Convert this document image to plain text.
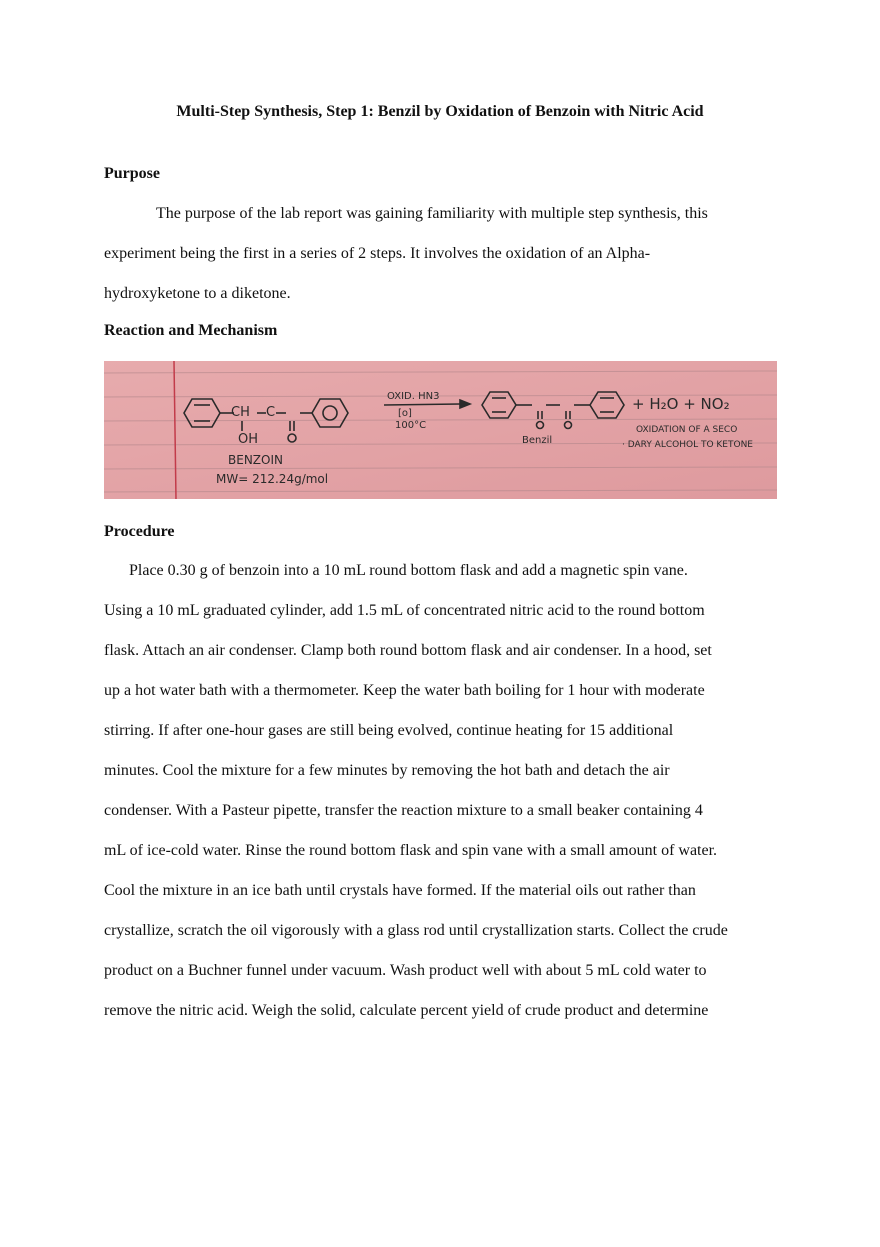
Multi-Step Synthesis, Step 1: Benzil by Oxidation of Benzoin with Nitric Acid
Purpose
The purpose of the lab report was gaining familiarity with multiple step synthesis, this
experiment being the first in a series of 2 steps. It involves the oxidation of an Alpha-
hydroxyketone to a diketone.
Reaction and Mechanism
CH C
OH
OXID. HN3
[o]
100°C
BENZOIN
MW= 212.24g/mol
Benzil
+ H₂O + NO₂
OXIDATION OF A SECO
· DARY ALCOHOL TO KETONE
Procedure
Place 0.30 g of benzoin into a 10 mL round bottom flask and add a magnetic spin vane.
Using a 10 mL graduated cylinder, add 1.5 mL of concentrated nitric acid to the round bottom
flask. Attach an air condenser. Clamp both round bottom flask and air condenser. In a hood, set
up a hot water bath with a thermometer. Keep the water bath boiling for 1 hour with moderate
stirring. If after one-hour gases are still being evolved, continue heating for 15 additional
minutes. Cool the mixture for a few minutes by removing the hot bath and detach the air
condenser. With a Pasteur pipette, transfer the reaction mixture to a small beaker containing 4
mL of ice-cold water. Rinse the round bottom flask and spin vane with a small amount of water.
Cool the mixture in an ice bath until crystals have formed. If the material oils out rather than
crystallize, scratch the oil vigorously with a glass rod until crystallization starts. Collect the crude
product on a Buchner funnel under vacuum. Wash product well with about 5 mL cold water to
remove the nitric acid. Weigh the solid, calculate percent yield of crude product and determine
